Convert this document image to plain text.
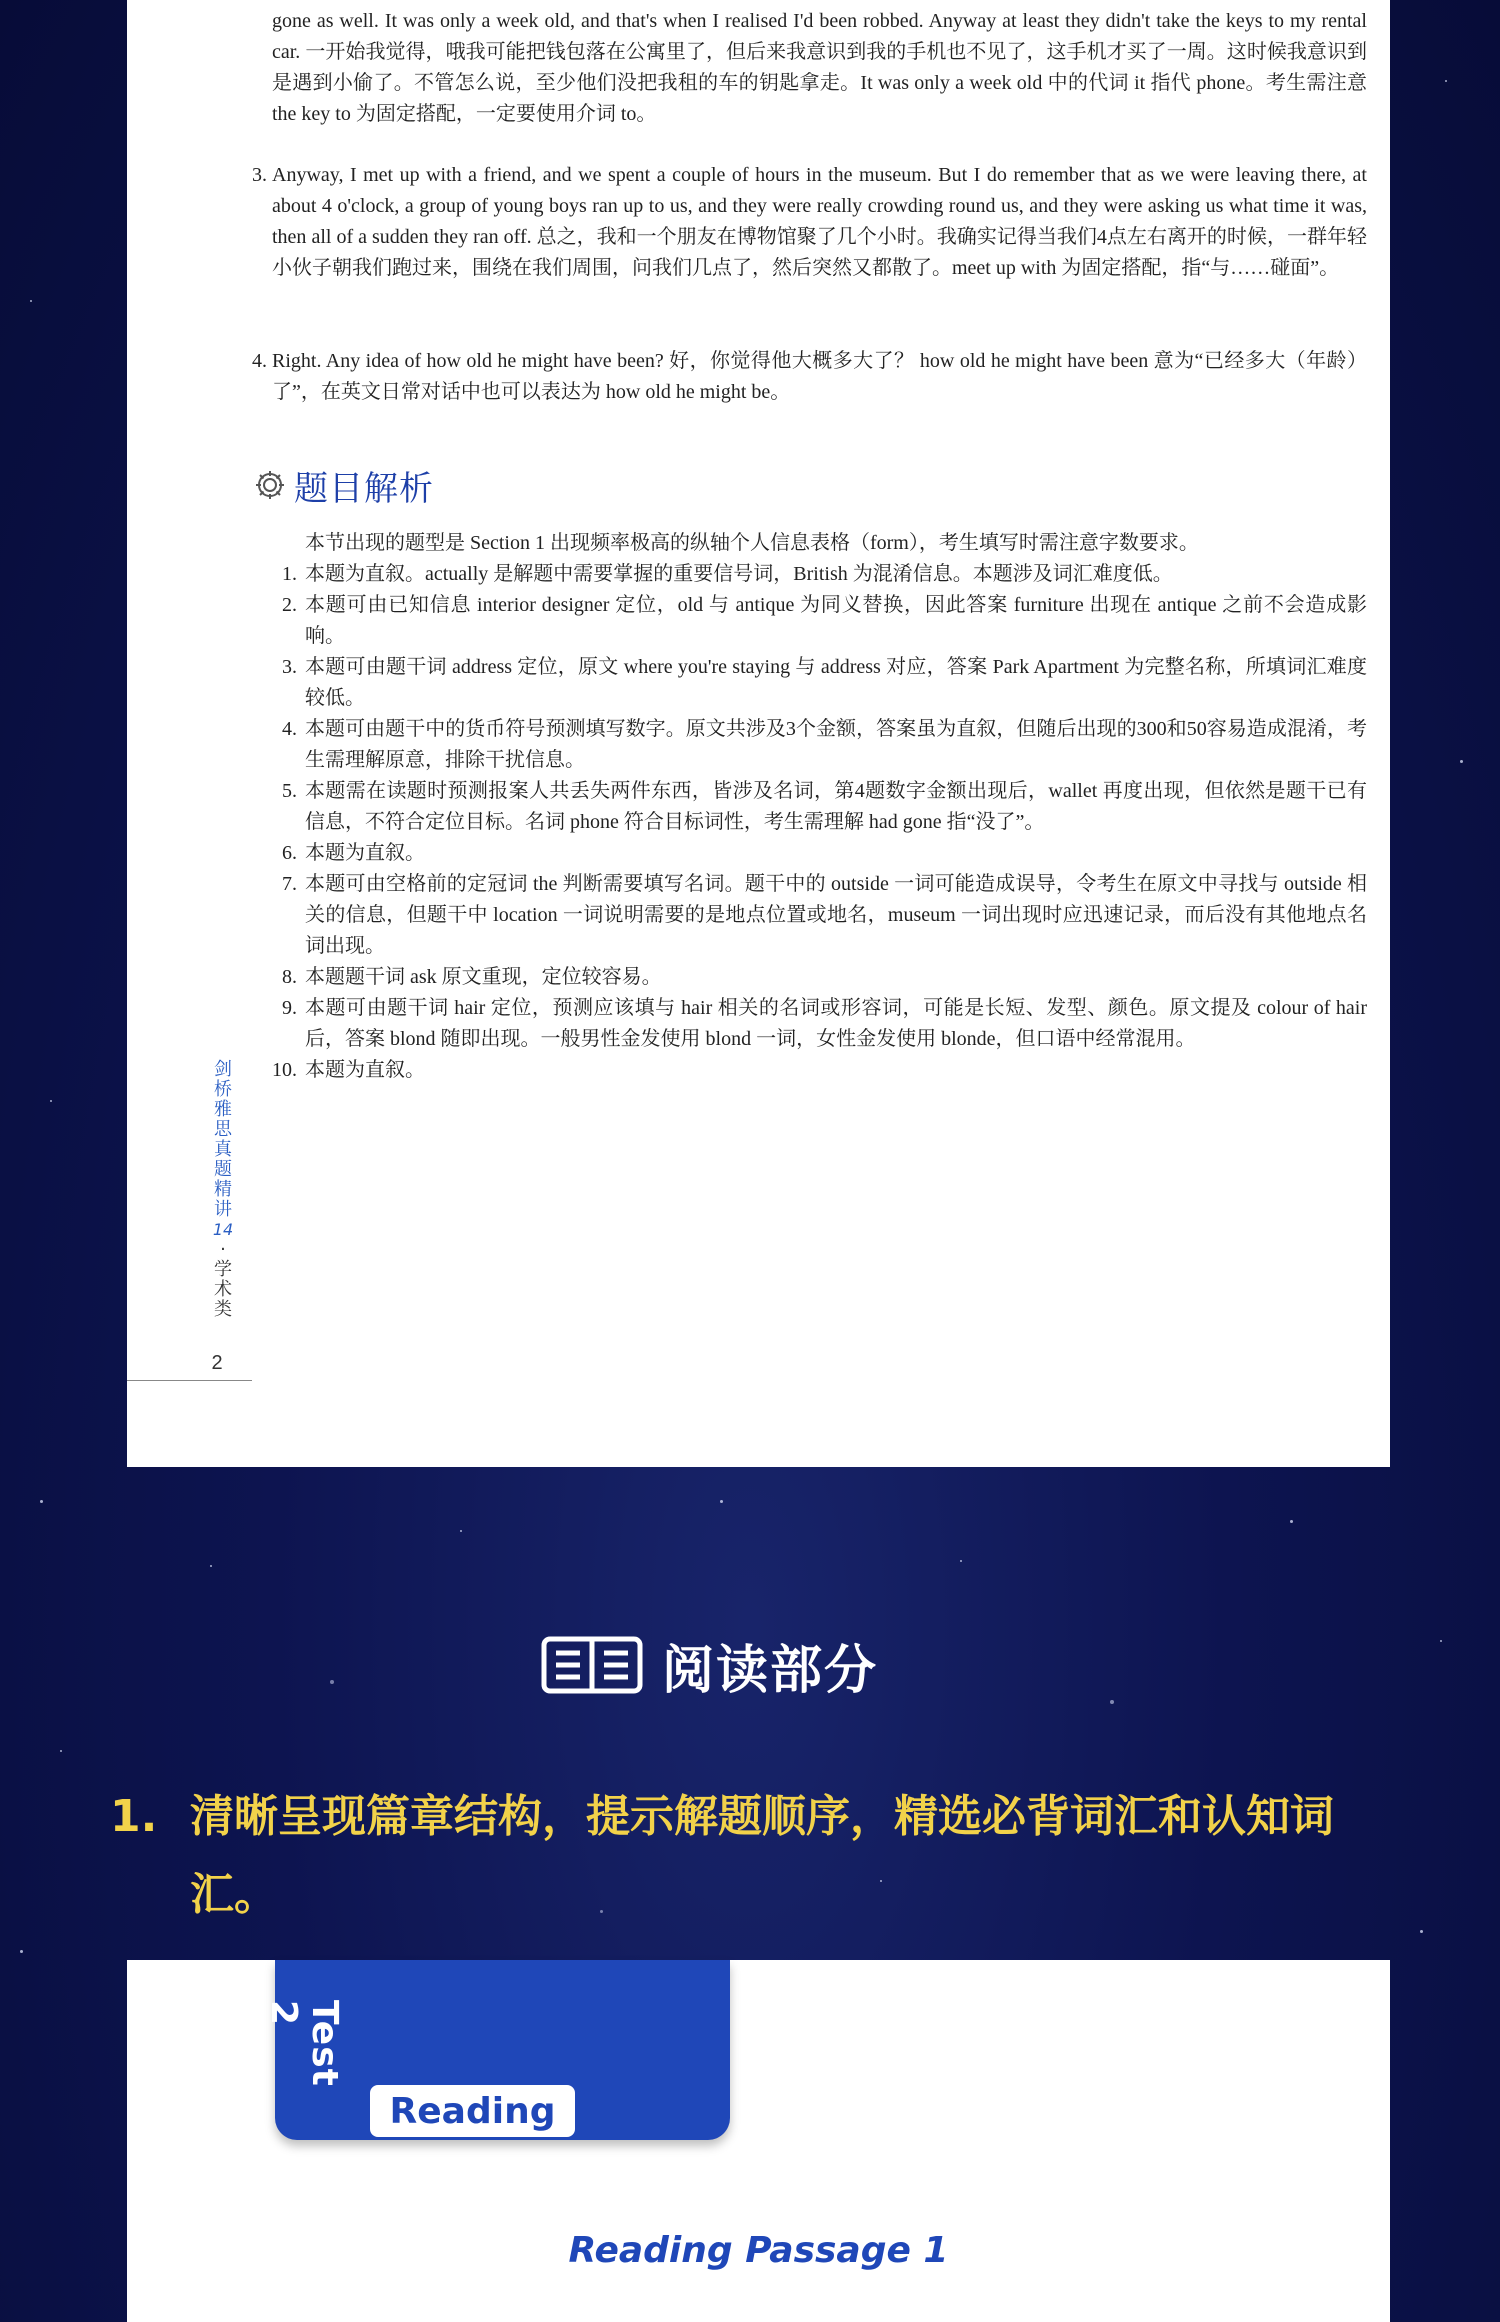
gone as well. It was only a week old, and that's when I realised I'd been robbed. Anyway at least they didn't take the keys to my rental car. 一开始我觉得，哦我可能把钱包落在公寓里了，但后来我意识到我的手机也不见了，这手机才买了一周。这时候我意识到是遇到小偷了。不管怎么说，至少他们没把我租的车的钥匙拿走。It was only a week old 中的代词 it 指代 phone。考生需注意 the key to 为固定搭配，一定要使用介词 to。
3. Anyway, I met up with a friend, and we spent a couple of hours in the museum. But I do remember that as we were leaving there, at about 4 o'clock, a group of young boys ran up to us, and they were really crowding round us, and they were asking us what time it was, then all of a sudden they ran off. 总之，我和一个朋友在博物馆聚了几个小时。我确实记得当我们4点左右离开的时候，一群年轻小伙子朝我们跑过来，围绕在我们周围，问我们几点了，然后突然又都散了。meet up with 为固定搭配，指“与……碰面”。
4. Right. Any idea of how old he might have been? 好，你觉得他大概多大了？ how old he might have been 意为“已经多大（年龄）了”，在英文日常对话中也可以表达为 how old he might be。
题目解析
本节出现的题型是 Section 1 出现频率极高的纵轴个人信息表格（form），考生填写时需注意字数要求。
1. 本题为直叙。actually 是解题中需要掌握的重要信号词，British 为混淆信息。本题涉及词汇难度低。
2. 本题可由已知信息 interior designer 定位，old 与 antique 为同义替换，因此答案 furniture 出现在 antique 之前不会造成影响。
3. 本题可由题干词 address 定位，原文 where you're staying 与 address 对应，答案 Park Apartment 为完整名称，所填词汇难度较低。
4. 本题可由题干中的货币符号预测填写数字。原文共涉及3个金额，答案虽为直叙，但随后出现的300和50容易造成混淆，考生需理解原意，排除干扰信息。
5. 本题需在读题时预测报案人共丢失两件东西，皆涉及名词，第4题数字金额出现后，wallet 再度出现，但依然是题干已有信息，不符合定位目标。名词 phone 符合目标词性，考生需理解 had gone 指“没了”。
6. 本题为直叙。
7. 本题可由空格前的定冠词 the 判断需要填写名词。题干中的 outside 一词可能造成误导，令考生在原文中寻找与 outside 相关的信息，但题干中 location 一词说明需要的是地点位置或地名，museum 一词出现时应迅速记录，而后没有其他地点名词出现。
8. 本题题干词 ask 原文重现，定位较容易。
9. 本题可由题干词 hair 定位，预测应该填与 hair 相关的名词或形容词，可能是长短、发型、颜色。原文提及 colour of hair 后，答案 blond 随即出现。一般男性金发使用 blond 一词，女性金发使用 blonde，但口语中经常混用。
10. 本题为直叙。
剑
桥
雅
思
真
题
精
讲
14
·
学
术
类
2
阅读部分
1. 清晰呈现篇章结构，提示解题顺序，精选必背词汇和认知词汇。
Test 2
Reading
Reading Passage 1
